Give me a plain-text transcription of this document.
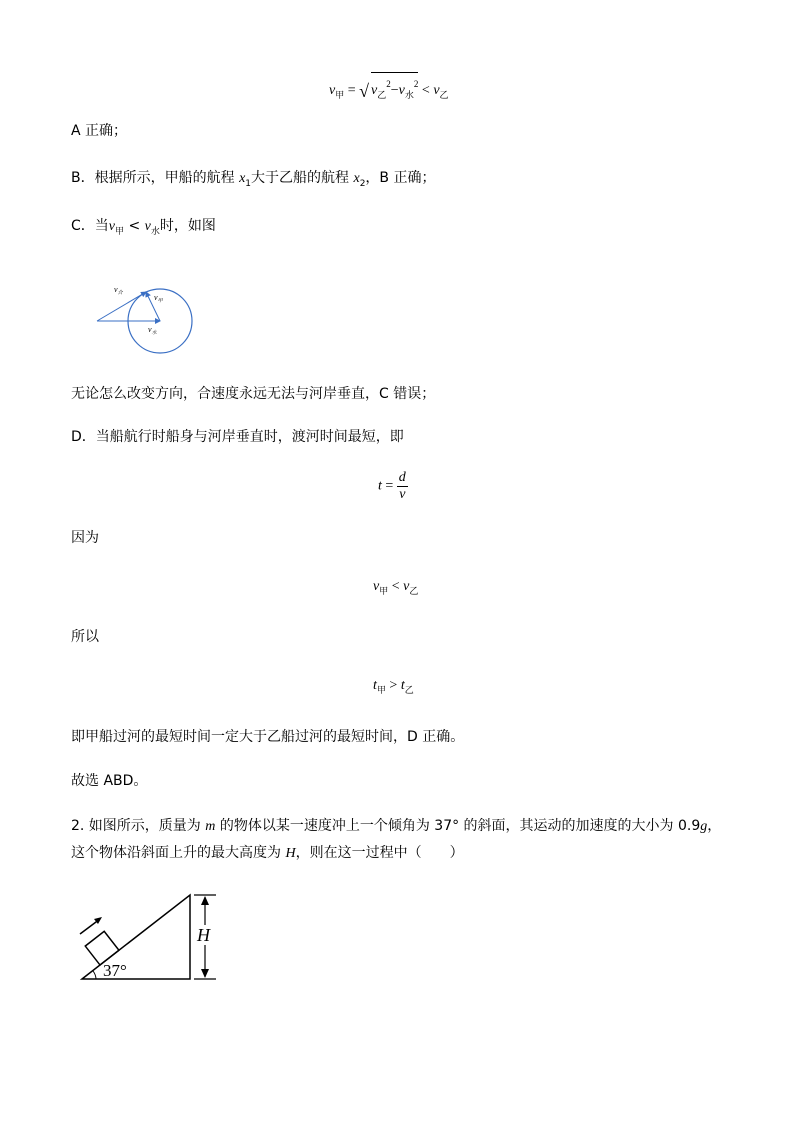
$v_甲$ = √ $v_乙^2-v_水^2 < v_乙$
A 正确；
B．根据所示，甲船的航程 $x_1$大于乙船的航程 $x_2$，B 正确；
C．当$v_甲 < v_水$时，如图
$v_合$	$v_甲$
$v_水$
无论怎么改变方向，合速度永远无法与河岸垂直，C 错误；
D．当船航行时船身与河岸垂直时，渡河时间最短，即
$t = \frac{d}{v}$
因为
$v_甲 < v_乙$
所以
$t_甲 > t_乙$
即甲船过河的最短时间一定大于乙船过河的最短时间，D 正确。
故选 ABD。
2. 如图所示，质量为 m 的物体以某一速度冲上一个倾角为 37° 的斜面，其运动的加速度的大小为 0.9g，这个物体沿斜面上升的最大高度为 H，则在这一过程中（　　）
37°
H
